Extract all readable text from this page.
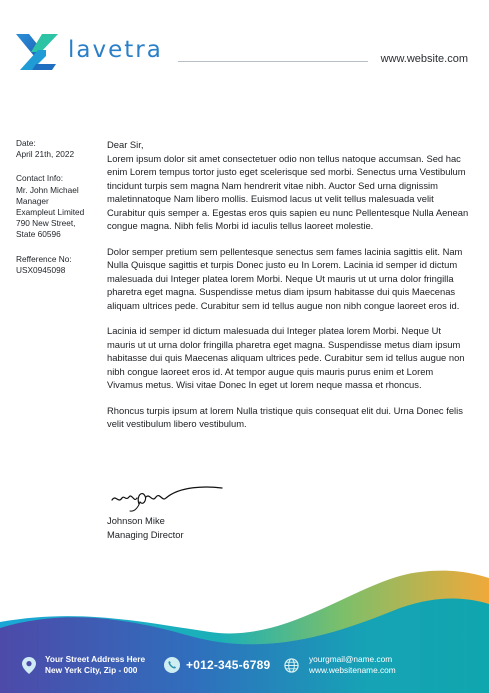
lavetra	www.website.com
Date:
April 21th, 2022
Contact Info:
Mr. John Michael
Manager
Exampleut Limited
790 New Street,
State 60596
Refference No:
USX0945098

Dear Sir,

Lorem ipsum dolor sit amet consectetuer odio non tellus natoque accumsan. Sed hac enim Lorem tempus tortor justo eget scelerisque sed morbi. Senectus urna Vestibulum tincidunt turpis sem magna Nam hendrerit vitae nibh. Auctor Sed urna dignissim maletinnatoque Nam libero mollis. Euismod lacus ut velit tellus malesuada velit Curabitur quis semper a. Egestas eros quis sapien eu nunc Pellentesque Nulla Aenean congue magna. Nibh felis Morbi id iaculis tellus laoreet molestie.

Dolor semper pretium sem pellentesque senectus sem fames lacinia sagittis elit. Nam Nulla Quisque sagittis et turpis Donec justo eu In Lorem. Lacinia id semper id dictum malesuada dui Integer platea lorem Morbi. Neque Ut mauris ut ut urna dolor fringilla pharetra eget magna. Suspendisse metus diam ipsum habitasse dui quis Maecenas aliquam ultrices pede. Curabitur sem id tellus augue non nibh congue laoreet eros id.

Lacinia id semper id dictum malesuada dui Integer platea lorem Morbi. Neque Ut mauris ut ut urna dolor fringilla pharetra eget magna. Suspendisse metus diam ipsum habitasse dui quis Maecenas aliquam ultrices pede. Curabitur sem id tellus augue non nibh congue laoreet eros id. At tempor augue quis mauris purus enim et Lorem Vivamus metus. Wisi vitae Donec In eget ut lorem neque massa et rhoncus.

Rhoncus turpis ipsum at lorem Nulla tristique quis consequat elit dui. Urna Donec felis velit vestibulum libero vestibulum.

Johnson Mike
Managing Director
Your Street Address Here
New Yerk City, Zip - 000	+012-345-6789	yourgmail@name.com
www.websitename.com
